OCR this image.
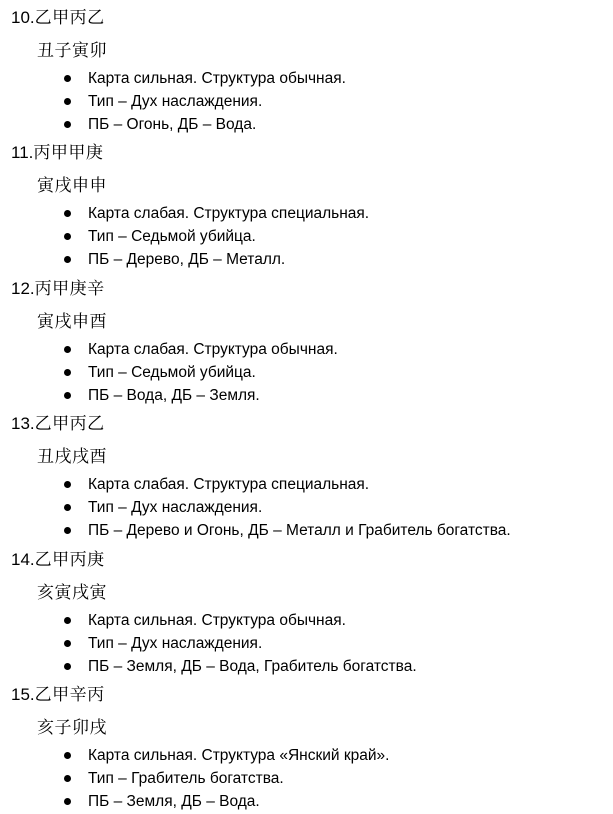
10.乙甲丙乙
丑子寅卯
Карта сильная. Структура обычная.
Тип – Дух наслаждения.
ПБ – Огонь, ДБ – Вода.
11.丙甲甲庚
寅戌申申
Карта слабая. Структура специальная.
Тип – Седьмой убийца.
ПБ – Дерево, ДБ – Металл.
12.丙甲庚辛
寅戌申酉
Карта слабая. Структура обычная.
Тип – Седьмой убийца.
ПБ – Вода, ДБ – Земля.
13.乙甲丙乙
丑戌戌酉
Карта слабая. Структура специальная.
Тип – Дух наслаждения.
ПБ – Дерево и Огонь, ДБ – Металл и Грабитель богатства.
14.乙甲丙庚
亥寅戌寅
Карта сильная. Структура обычная.
Тип – Дух наслаждения.
ПБ – Земля, ДБ – Вода, Грабитель богатства.
15.乙甲辛丙
亥子卯戌
Карта сильная. Структура «Янский край».
Тип – Грабитель богатства.
ПБ – Земля, ДБ – Вода.
